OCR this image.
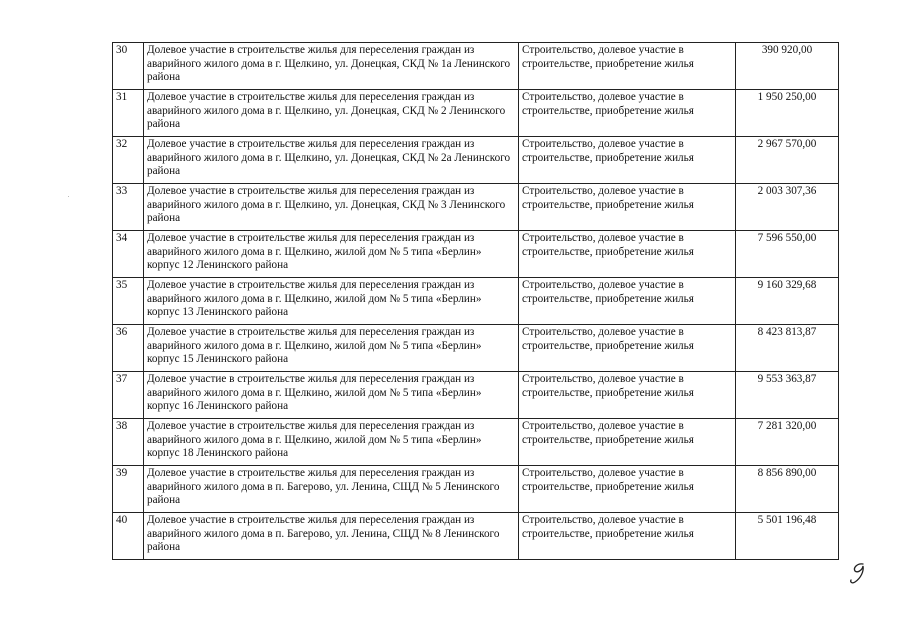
30	Долевое участие в строительстве жилья для переселения граждан из аварийного жилого дома в г. Щелкино, ул. Донецкая, СКД № 1а Ленинского района	Строительство, долевое участие в строительстве, приобретение жилья	390 920,00
31	Долевое участие в строительстве жилья для переселения граждан из аварийного жилого дома в г. Щелкино, ул. Донецкая, СКД № 2 Ленинского района	Строительство, долевое участие в строительстве, приобретение жилья	1 950 250,00
32	Долевое участие в строительстве жилья для переселения граждан из аварийного жилого дома в г. Щелкино, ул. Донецкая, СКД № 2а Ленинского района	Строительство, долевое участие в строительстве, приобретение жилья	2 967 570,00
33	Долевое участие в строительстве жилья для переселения граждан из аварийного жилого дома в г. Щелкино, ул. Донецкая, СКД № 3 Ленинского района	Строительство, долевое участие в строительстве, приобретение жилья	2 003 307,36
34	Долевое участие в строительстве жилья для переселения граждан из аварийного жилого дома в г. Щелкино, жилой дом № 5 типа «Берлин» корпус 12 Ленинского района	Строительство, долевое участие в строительстве, приобретение жилья	7 596 550,00
35	Долевое участие в строительстве жилья для переселения граждан из аварийного жилого дома в г. Щелкино, жилой дом № 5 типа «Берлин» корпус 13 Ленинского района	Строительство, долевое участие в строительстве, приобретение жилья	9 160 329,68
36	Долевое участие в строительстве жилья для переселения граждан из аварийного жилого дома в г. Щелкино, жилой дом № 5 типа «Берлин» корпус 15 Ленинского района	Строительство, долевое участие в строительстве, приобретение жилья	8 423 813,87
37	Долевое участие в строительстве жилья для переселения граждан из аварийного жилого дома в г. Щелкино, жилой дом № 5 типа «Берлин» корпус 16 Ленинского района	Строительство, долевое участие в строительстве, приобретение жилья	9 553 363,87
38	Долевое участие в строительстве жилья для переселения граждан из аварийного жилого дома в г. Щелкино, жилой дом № 5 типа «Берлин» корпус 18 Ленинского района	Строительство, долевое участие в строительстве, приобретение жилья	7 281 320,00
39	Долевое участие в строительстве жилья для переселения граждан из аварийного жилого дома в п. Багерово, ул. Ленина, СЩД № 5 Ленинского района	Строительство, долевое участие в строительстве, приобретение жилья	8 856 890,00
40	Долевое участие в строительстве жилья для переселения граждан из аварийного жилого дома в п. Багерово, ул. Ленина, СЩД № 8 Ленинского района	Строительство, долевое участие в строительстве, приобретение жилья	5 501 196,48
